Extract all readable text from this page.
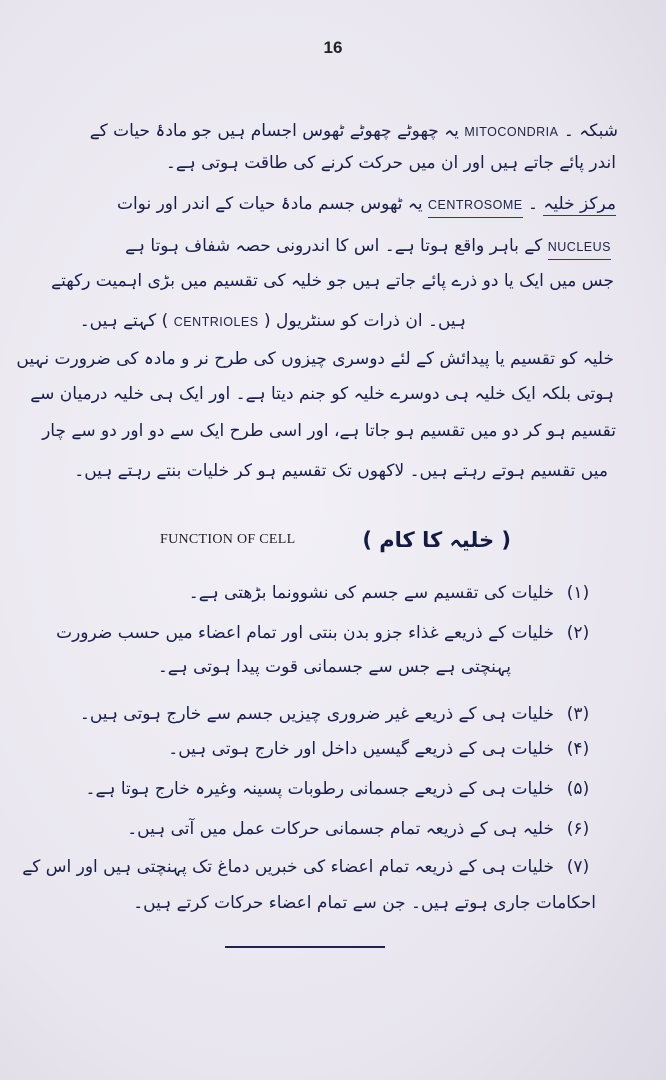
16
شبکہ ۔ MITOCONDRIA یہ چھوٹے چھوٹے ٹھوس اجسام ہیں جو مادۂ حیات کے
اندر پائے جاتے ہیں اور ان میں حرکت کرنے کی طاقت ہوتی ہے۔
مرکز خلیہ ۔ CENTROSOME یہ ٹھوس جسم مادۂ حیات کے اندر اور نوات
NUCLEUS کے باہر واقع ہوتا ہے۔ اس کا اندرونی حصہ شفاف ہوتا ہے
جس میں ایک یا دو ذرے پائے جاتے ہیں جو خلیہ کی تقسیم میں بڑی اہمیت رکھتے
ہیں۔ ان ذرات کو سنٹریول ( CENTRIOLES ) کہتے ہیں۔
خلیہ کو تقسیم یا پیدائش کے لئے دوسری چیزوں کی طرح نر و مادہ کی ضرورت نہیں
ہوتی بلکہ ایک خلیہ ہی دوسرے خلیہ کو جنم دیتا ہے۔ اور ایک ہی خلیہ درمیان سے
تقسیم ہو کر دو میں تقسیم ہو جاتا ہے، اور اسی طرح ایک سے دو اور دو سے چار
میں تقسیم ہوتے رہتے ہیں۔ لاکھوں تک تقسیم ہو کر خلیات بنتے رہتے ہیں۔
FUNCTION OF CELL	( خلیہ کا کام )
(۱)خلیات کی تقسیم سے جسم کی نشوونما بڑھتی ہے۔
(۲)خلیات کے ذریعے غذاء جزو بدن بنتی اور تمام اعضاء میں حسب ضرورت
پہنچتی ہے جس سے جسمانی قوت پیدا ہوتی ہے۔
(۳)خلیات ہی کے ذریعے غیر ضروری چیزیں جسم سے خارج ہوتی ہیں۔
(۴)خلیات ہی کے ذریعے گیسیں داخل اور خارج ہوتی ہیں۔
(۵)خلیات ہی کے ذریعے جسمانی رطوبات پسینہ وغیرہ خارج ہوتا ہے۔
(۶)خلیہ ہی کے ذریعہ تمام جسمانی حرکات عمل میں آتی ہیں۔
(۷)خلیات ہی کے ذریعہ تمام اعضاء کی خبریں دماغ تک پہنچتی ہیں اور اس کے
احکامات جاری ہوتے ہیں۔ جن سے تمام اعضاء حرکات کرتے ہیں۔
